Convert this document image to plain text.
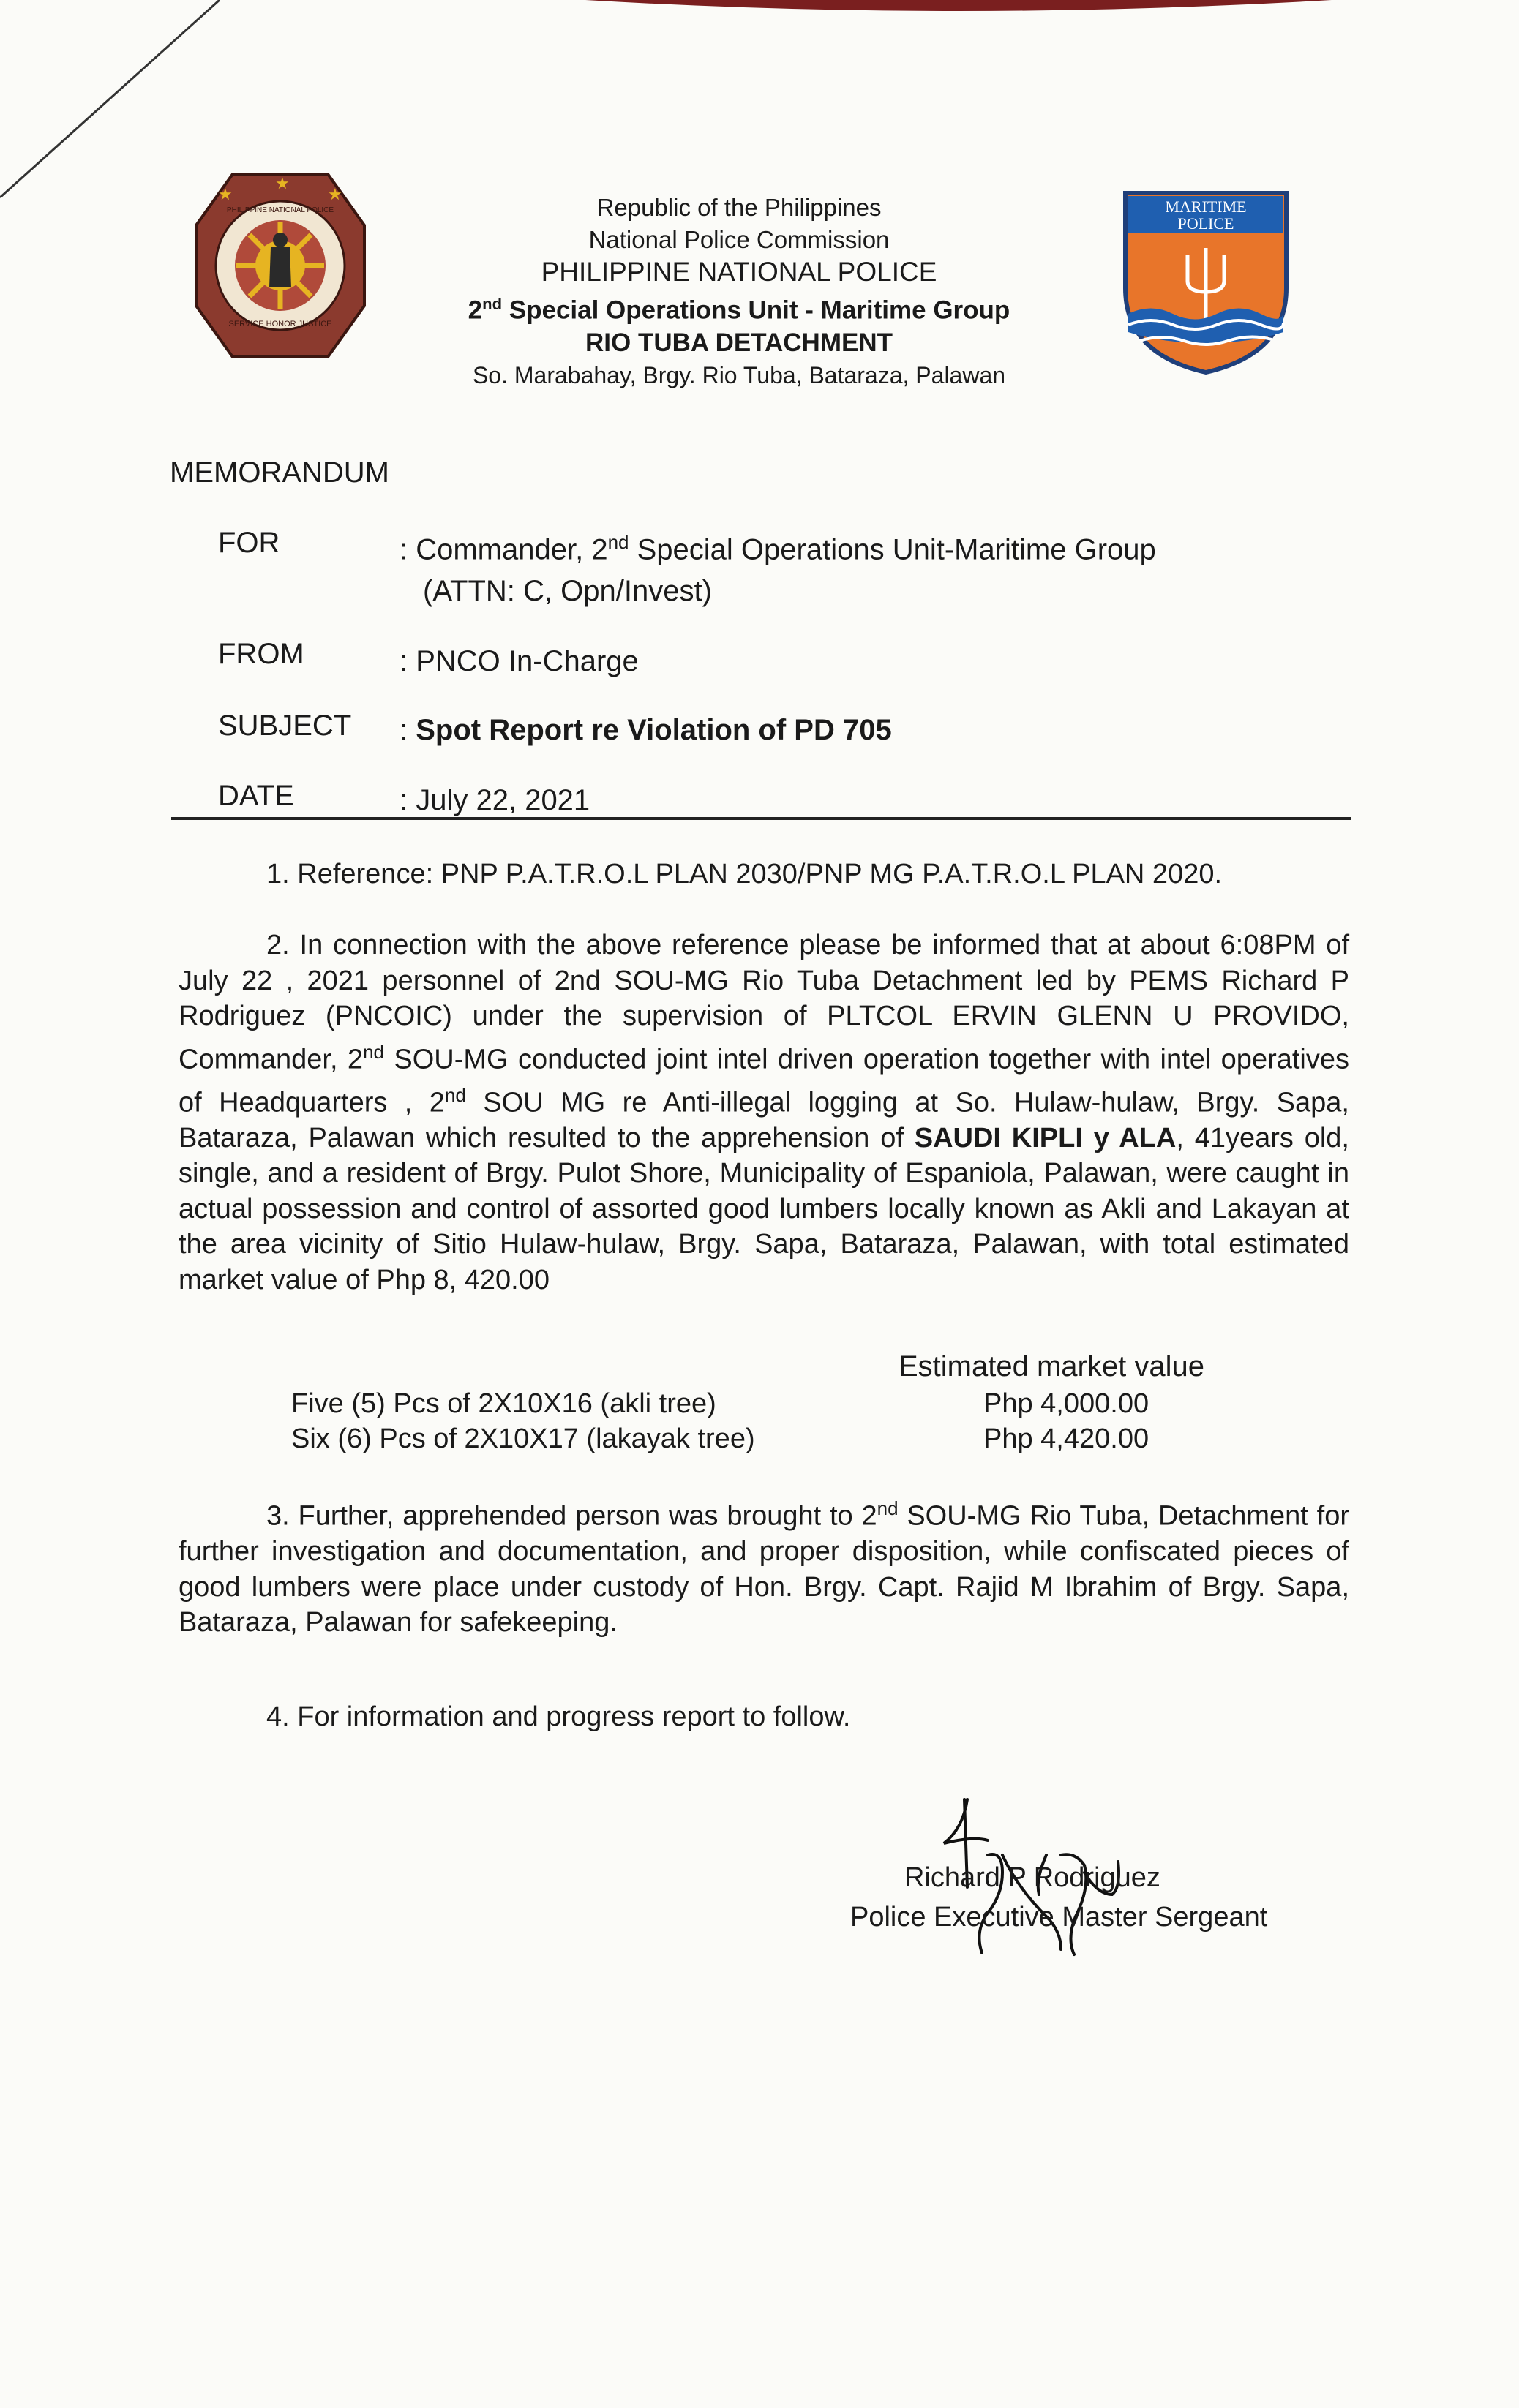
★	★
★
SERVICE HONOR JUSTICE
PHILIPPINE NATIONAL POLICE	Republic of the Philippines
National Police Commission
PHILIPPINE NATIONAL POLICE
2nd Special Operations Unit - Maritime Group
RIO TUBA DETACHMENT
So. Marabahay, Brgy. Rio Tuba, Bataraza, Palawan
MARITIME
POLICE
MEMORANDUM
FOR	: Commander, 2nd Special Operations Unit-Maritime Group
(ATTN: C, Opn/Invest)
FROM	: PNCO In-Charge
SUBJECT : Spot Report re Violation of PD 705
DATE	: July 22, 2021
1. Reference: PNP P.A.T.R.O.L PLAN 2030/PNP MG P.A.T.R.O.L PLAN 2020.
2. In connection with the above reference please be informed that at about 6:08PM of July 22 , 2021 personnel of 2nd SOU-MG Rio Tuba Detachment led by PEMS Richard P Rodriguez (PNCOIC) under the supervision of PLTCOL ERVIN GLENN U PROVIDO, Commander, 2nd SOU-MG conducted joint intel driven operation together with intel operatives of Headquarters , 2nd SOU MG re Anti-illegal logging at So. Hulaw-hulaw, Brgy. Sapa, Bataraza, Palawan which resulted to the apprehension of SAUDI KIPLI y ALA, 41years old, single, and a resident of Brgy. Pulot Shore, Municipality of Espaniola, Palawan, were caught in actual possession and control of assorted good lumbers locally known as Akli and Lakayan at the area vicinity of Sitio Hulaw-hulaw, Brgy. Sapa, Bataraza, Palawan, with total estimated market value of Php 8, 420.00
Estimated market value
Five (5) Pcs of 2X10X16 (akli tree)	Php 4,000.00
Six (6) Pcs of 2X10X17 (lakayak tree)	Php 4,420.00
3. Further, apprehended person was brought to 2nd SOU-MG Rio Tuba, Detachment for further investigation and documentation, and proper disposition, while confiscated pieces of good lumbers were place under custody of Hon. Brgy. Capt. Rajid M Ibrahim of Brgy. Sapa, Bataraza, Palawan for safekeeping.
4. For information and progress report to follow.
Richard P Rodriguez
Police Executive Master Sergeant
